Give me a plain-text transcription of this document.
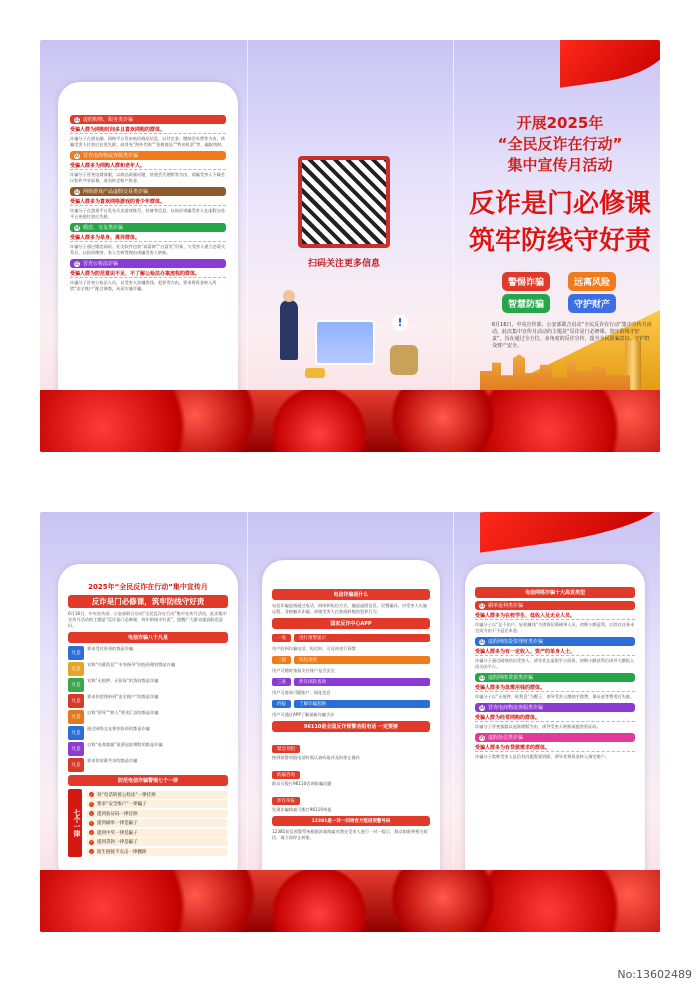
01 虚假购物、服务类诈骗
受骗人群为网购时间多且喜欢网购的群体。
诈骗分子在朋友圈、网购平台发布低价商品信息，以付定金、缴纳会员费等为由，诱骗受害人付款后拉黑失联；或冒充“海外代购”“免税商品”“特价机票”等，骗取钱财。
02 冒充电商物流客服类诈骗
受骗人群多为网购人群和老年人。
诈骗分子冒充电商客服，以商品质量问题、快递丢失理赔等为由，诱骗受害人下载会议软件共享屏幕，进而转走账户资金。
03 网络游戏产品虚假交易类诈骗
受骗人群多为喜欢网络游戏的青少年群体。
诈骗分子在游戏平台发布买卖游戏账号、装备等信息，以低价诱骗受害人在虚假交易平台充值付款后失联。
04 婚恋、交友类诈骗
受骗人群多为单身、离异群体。
诈骗分子通过婚恋网站、社交软件包装“高富帅”“白富美”形象，与受害人建立恋爱关系后，以投资理财、家人生病等理由诱骗受害人转账。
05 冒充公检法诈骗
受骗人群为防范意识不足、不了解公检法办案流程的群体。
诈骗分子冒充公检法人员，以受害人涉嫌洗钱、犯罪等为由，要求将资金转入所谓“安全账户”配合调查，从而实施诈骗。
扫码关注更多信息
!
开展2025年
“全民反诈在行动”
集中宣传月活动
反诈是门必修课
筑牢防线守好责
警惕诈骗	远离风险
智慧防骗	守护财产
6月16日，中央宣传部、公安部联合启动“全民反诈在行动”集中宣传月活动，此次集中宣传月活动的主题是“反诈是门必修课，筑牢防线守好责”，旨在通过全方位、多角度的反诈宣传，提升全民防骗意识，守护群众财产安全。
2025年“全民反诈在行动”集中宣传月
反诈是门必修课，筑牢防线守好责
6月16日，中央宣传部、公安部联合启动“全民反诈在行动”集中宣传月活动，此次集中宣传月活动的主题是“反诈是门必修课，筑牢防线守好责”，提醒广大群众提高防范意识。
电信诈骗八个凡是
凡是
要求受付资金的都是诈骗
凡是
宣称“内幕消息”“专家指导”的投资理财都是诈骗
凡是
宣称“无抵押、无担保”的贷款都是诈骗
凡是
要求你把钱转到“安全账户”的都是诈骗
凡是
自称“领导”“熟人”要求汇款的都是诈骗
凡是
通过网络交友要你投资的都是诈骗
凡是
自称“电商客服”说要退款理赔的都是诈骗
凡是
要求你屏幕共享的都是诈骗
防范电信诈骗警惕七个一律
七个一律
✓ 说“电话转接公检法”一律挂掉
✓ 要求“安全账户”一律骗子
✓ 提到验证码一律挂掉
✓ 提到刷单一律是骗子
✓ 提到中奖一律是骗子
✓ 提到贷款一律是骗子
✓ 陌生链接不点击一律删除
电信诈骗是什么
电信诈骗是指通过电话、网络和短信方式，编造虚假信息，设置骗局，对受害人实施远程、非接触式诈骗，诱使受害人打款或转账的犯罪行为。
国家反诈中心APP
一晃	进行预警提示
用户收到诈骗电话、短信时，可及时进行预警
二提	钱包查验
用户可随时查看支付账户是否安全
三查	涉诈风险查询
用户可查询可疑账户、网址信息
四报	了解诈骗套路
用户可通过APP了解最新诈骗手法
96110是全国反诈预警劝阻电话 一定要接
紧急劝阻
接到预警劝阻电话时需认真听取并及时停止操作
防骗咨询
群众可拨打96110咨询防骗问题
涉诈举报
发现诈骗线索可拨打96110举报
12381是一对一问询官方短信预警号码
12381短信预警系统根据涉案线索对潜在受害人进行一对一提示，群众如收到相关短信，请立即停止转账。
电信网络诈骗十大高发类型
01 刷单返利类诈骗
受骗人群多为在校学生、低收入及无业人员。
诈骗分子以“足不出户、轻松赚钱”为诱饵招募刷单人员，初期小额返利，后续以任务未完成为由不予返还本金。
02 虚假网络投资理财类诈骗
受骗人群多为有一定收入、资产的单身人士。
诈骗分子通过网络结识受害人，诱导其在虚假平台投资，初期小额获利后诱导大额投入再关闭平台。
03 虚假网络贷款类诈骗
受骗人群多为急需用钱的群体。
诈骗分子以“无抵押、低利息”为幌子，诱导受害人缴纳手续费、保证金等费用后失联。
04 冒充电商物流客服类诈骗
受骗人群为经常网购的群体。
诈骗分子冒充客服以退款理赔为由，诱导受害人转账或提供验证码。
05 虚假征信类诈骗
受骗人群多为有贷款需求的群体。
诈骗分子谎称受害人征信有问题需要消除，诱导其将资金转入指定账户。
No:13602489
